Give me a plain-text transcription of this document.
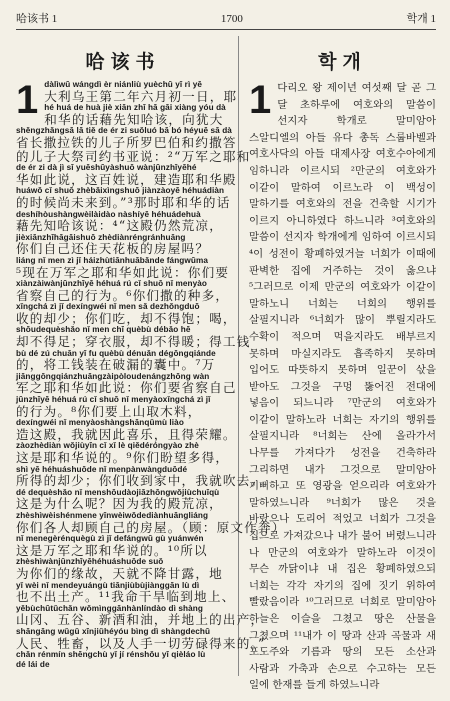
哈该书 1	1700	학개 1
哈该书
1 dàlìwū wángdì èr niánliù yuèchū yī rì yē
大利乌王第二年六月初一日，耶
hé huá de huà jiè xiān zhī hā gāi xiàng yóu dà
和华的话藉先知哈该，向犹大
shěngzhǎngsā lā tiě de ér zi suǒluó bā bó héyuē sā dà
省长撒拉铁的儿子所罗巴伯和约撒答
的儿子大祭司约书亚说：²“万军之耶和
de ér zi dà jì sī yuēshūyàshuō wànjūnzhīyēhé
华如此说，这百姓说，建造耶和华殿
huáwǒ cǐ shuō zhèbǎixìngshuō jiànzàoyē héhuádiàn
的时候尚未来到。”³那时耶和华的话
deshíhòushàngwèilàidào nàshíyē héhuádehuà
藉先知哈该说：⁴“这殿仍然荒凉，
jièxiānzhīhāgāishuō zhèdiànréngránhuāng
你们自己还住天花板的房屋吗？
liáng nǐ men zì jǐ háizhùtiānhuābǎnde fángwūma
⁵现在万军之耶和华如此说：你们要
xiànzàiwànjūnzhīyē héhuá rú cǐ shuō nǐ menyào
省察自己的行为。⁶你们撒的种多，
xǐngchá zì jǐ dexíngwéi nǐ men sǎ dezhǒngduō
收的却少；你们吃，却不得饱；喝，
shōudequèshǎo nǐ men chī quèbù débǎo hē
却不得足；穿衣服，却不得暖；得工钱
bù dé zú chuān yī fu quèbù dénuǎn dégōngqiánde
的，将工钱装在破漏的囊中。⁷万
jiānggōngqiánzhuāngzàipòloudenángzhōng wàn
军之耶和华如此说：你们要省察自己
jūnzhīyē héhuá rú cǐ shuō nǐ menyàoxǐngchá zì jǐ
的行为。⁸你们要上山取木料，
dexíngwéi nǐ menyàoshàngshānqǔmù liào
造这殿，我就因此喜乐，且得荣耀。
zàozhèdiàn wǒjiùyīn cǐ xǐ lè qiědéróngyào zhè
这是耶和华说的。⁹你们盼望多得，
shì yē héhuáshuōde nǐ menpànwàngduōdé
所得的却少；你们收到家中，我就吹去。
dé dequèshǎo nǐ menshōudàojiāzhōngwǒjiùchuīqù
这是为什么呢？因为我的殿荒凉，
zhèshìwèishénmene yīnwèiwǒdediànhuāngliáng
你们各人却顾自己的房屋。（顾：原文作奔）
nǐ menegèrénquègù zì jǐ defángwū gù yuánwén
这是万军之耶和华说的。¹⁰所以
zhèshìwànjūnzhīyēhéhuáshuōde suǒ
为你们的缘故，天就不降甘露，地
yǐ wèi nǐ mendeyuángù tiānjiùbùjiànggān lù dì
也不出土产。¹¹我命干旱临到地上、
yěbùchūtǔchǎn wǒmìnggānhànlíndào dì shàng
山冈、五谷、新酒和油，并地上的出产，
shāngāng wǔgǔ xīnjiǔhéyóu bìng dì shàngdechū
人民、牲畜，以及人手一切劳碌得来的。”
chǎn rénmín shēngchù yǐ jí rénshǒu yī qièláo lù
dé lái de
학개
1 다리오 왕 제이년 여섯째 달 곧 그 달 초하루에 여호와의 말씀이 선지자 학개로 말미암아 스알디엘의 아들 유다 총독 스룹바벨과 여호사닥의 아들 대제사장 여호수아에게 임하니라 이르시되 ²만군의 여호와가 이같이 말하여 이르노라 이 백성이 말하기를 여호와의 전을 건축할 시기가 이르지 아니하였다 하느니라 ³여호와의 말씀이 선지자 학개에게 임하여 이르시되 ⁴이 성전이 황폐하였거늘 너희가 이때에 판벽한 집에 거주하는 것이 옳으냐 ⁵그러므로 이제 만군의 여호와가 이같이 말하노니 너희는 너희의 행위를 살필지니라 ⁶너희가 많이 뿌릴지라도 수확이 적으며 먹을지라도 배부르지 못하며 마실지라도 흡족하지 못하며 입어도 따뜻하지 못하며 일꾼이 삯을 받아도 그것을 구멍 뚫어진 전대에 넣음이 되느니라 ⁷만군의 여호와가 이같이 말하노라 너희는 자기의 행위를 살필지니라 ⁸너희는 산에 올라가서 나무를 가져다가 성전을 건축하라 그리하면 내가 그것으로 말미암아 기뻐하고 또 영광을 얻으리라 여호와가 말하였느니라 ⁹너희가 많은 것을 바랐으나 도리어 적었고 너희가 그것을 집으로 가져갔으나 내가 불어 버렸느니라 나 만군의 여호와가 말하노라 이것이 무슨 까닭이냐 내 집은 황폐하였으되 너희는 각각 자기의 집에 짓기 위하여 빨랐음이라 ¹⁰그러므로 너희로 말미암아 하늘은 이슬을 그쳤고 땅은 산물을 그쳤으며 ¹¹내가 이 땅과 산과 곡물과 새 포도주와 기름과 땅의 모든 소산과 사람과 가축과 손으로 수고하는 모든 일에 한재를 들게 하였느니라
